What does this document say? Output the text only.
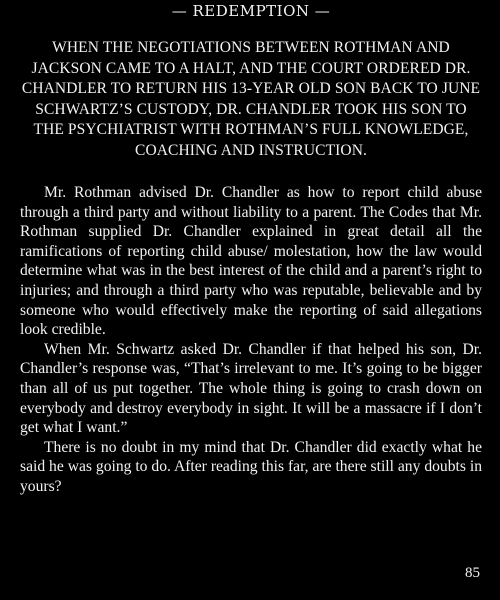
— REDEMPTION —
WHEN THE NEGOTIATIONS BETWEEN ROTHMAN AND JACKSON CAME TO A HALT, AND THE COURT ORDERED DR. CHANDLER TO RETURN HIS 13-YEAR OLD SON BACK TO JUNE SCHWARTZ’S CUSTODY, DR. CHANDLER TOOK HIS SON TO THE PSYCHIATRIST WITH ROTHMAN’S FULL KNOWLEDGE, COACHING AND INSTRUCTION.

Mr. Rothman advised Dr. Chandler as how to report child abuse through a third party and without liability to a parent. The Codes that Mr. Rothman supplied Dr. Chandler explained in great detail all the ramifications of reporting child abuse/ molestation, how the law would determine what was in the best interest of the child and a parent’s right to injuries; and through a third party who was reputable, believable and by someone who would effectively make the reporting of said allegations look credible.

When Mr. Schwartz asked Dr. Chandler if that helped his son, Dr. Chandler’s response was, “That’s irrelevant to me. It’s going to be bigger than all of us put together. The whole thing is going to crash down on everybody and destroy everybody in sight. It will be a massacre if I don’t get what I want.”

There is no doubt in my mind that Dr. Chandler did exactly what he said he was going to do. After reading this far, are there still any doubts in yours?

85
